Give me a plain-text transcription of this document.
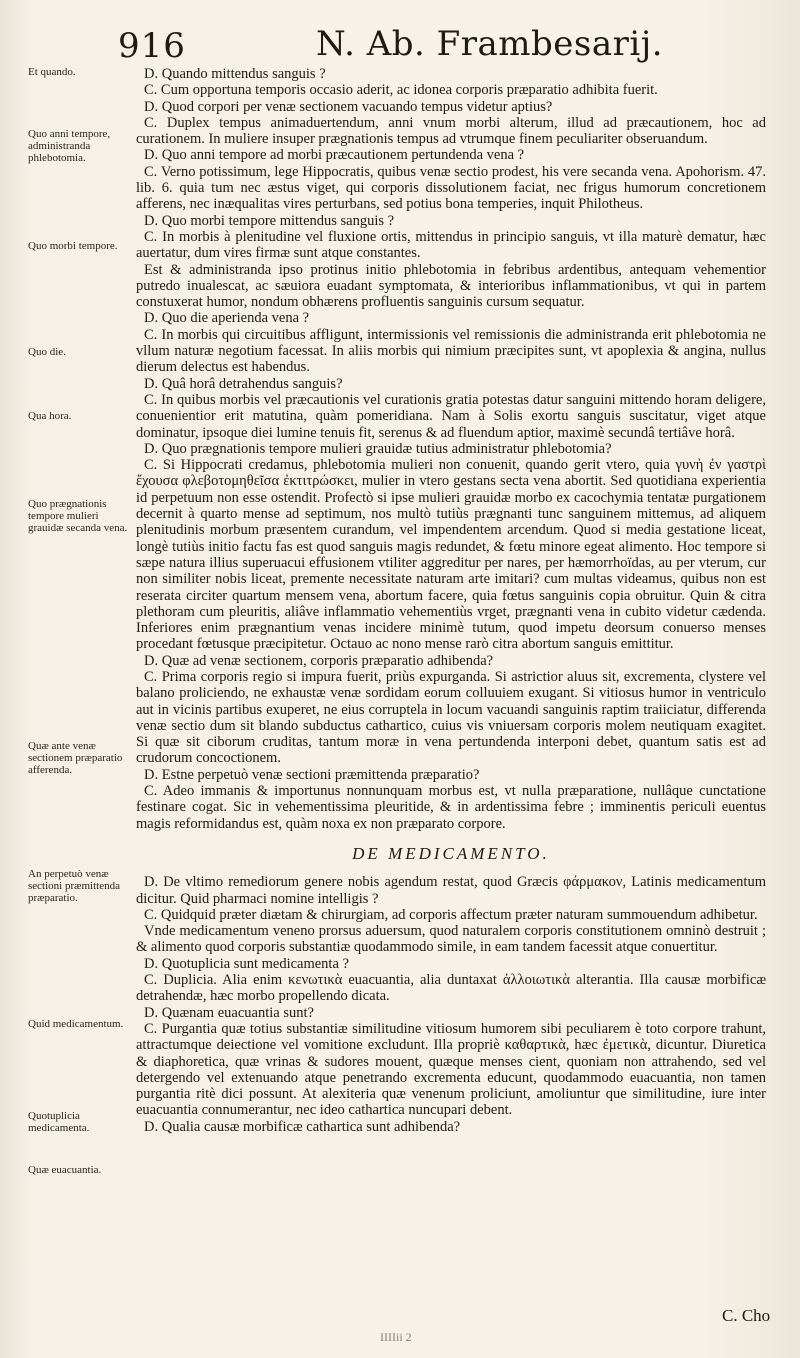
916	N. Ab. Frambesarij.
Et quando.
Quo anni tempore, administranda phlebotomia.
Quo morbi tempore.
Quo die.
Qua hora.
Quo prægnationis tempore mulieri grauidæ secanda vena.
Quæ ante venæ sectionem præparatio afferenda.
An perpetuò venæ sectioni præmittenda præparatio.
Quid medicamentum.
Quotuplicia medicamenta.
Quæ euacuantia.

D. Quando mittendus sanguis ?

C. Cum opportuna temporis occasio aderit, ac idonea corporis præparatio adhibita fuerit.

D. Quod corpori per venæ sectionem vacuando tempus videtur aptius?

C. Duplex tempus animaduertendum, anni vnum morbi alterum, illud ad præcautionem, hoc ad curationem. In muliere insuper prægnationis tempus ad vtrumque finem peculiariter obseruandum.

D. Quo anni tempore ad morbi præcautionem pertundenda vena ?

C. Verno potissimum, lege Hippocratis, quibus venæ sectio prodest, his vere secanda vena. Apohorism. 47. lib. 6. quia tum nec æstus viget, qui corporis dissolutionem faciat, nec frigus humorum concretionem afferens, nec inæqualitas vires perturbans, sed potius bona temperies, inquit Philotheus.

D. Quo morbi tempore mittendus sanguis ?

C. In morbis à plenitudine vel fluxione ortis, mittendus in principio sanguis, vt illa maturè dematur, hæc auertatur, dum vires firmæ sunt atque constantes.

Est & administranda ipso protinus initio phlebotomia in febribus ardentibus, antequam vehementior putredo inualescat, ac sæuiora euadant symptomata, & interioribus inflammationibus, vt qui in partem constuxerat humor, nondum obhærens profluentis sanguinis cursum sequatur.

D. Quo die aperienda vena ?

C. In morbis qui circuitibus affligunt, intermissionis vel remissionis die administranda erit phlebotomia ne vllum naturæ negotium facessat. In aliis morbis qui nimium præcipites sunt, vt apoplexia & angina, nullus dierum delectus est habendus.

D. Quâ horâ detrahendus sanguis?

C. In quibus morbis vel præcautionis vel curationis gratia potestas datur sanguini mittendo horam deligere, conuenientior erit matutina, quàm pomeridiana. Nam à Solis exortu sanguis suscitatur, viget atque dominatur, ipsoque diei lumine tenuis fit, serenus & ad fluendum aptior, maximè secundâ tertiâve horâ.

D. Quo prægnationis tempore mulieri grauidæ tutius administratur phlebotomia?

C. Si Hippocrati credamus, phlebotomia mulieri non conuenit, quando gerit vtero, quia γυνὴ ἐν γαστρὶ ἔχουσα φλεβοτομηθεῖσα ἐκτιτρώσκει, mulier in vtero gestans secta vena abortit. Sed quotidiana experientia id perpetuum non esse ostendit. Profectò si ipse mulieri grauidæ morbo ex cacochymia tentatæ purgationem decernit à quarto mense ad septimum, nos multò tutiùs prægnanti tunc sanguinem mittemus, ad aliquem plenitudinis morbum præsentem curandum, vel impendentem arcendum. Quod si media gestatione liceat, longè tutiùs initio factu fas est quod sanguis magis redundet, & fœtu minore egeat alimento. Hoc tempore si sæpe natura illius superuacui effusionem vtiliter aggreditur per nares, per hæmorrhoïdas, au per vterum, cur non similiter nobis liceat, premente necessitate naturam arte imitari? cum multas videamus, quibus non est reserata circiter quartum mensem vena, abortum facere, quia fœtus sanguinis copia obruitur. Quin & citra plethoram cum pleuritis, aliâve inflammatio vehementiùs vrget, prægnanti vena in cubito videtur cædenda. Inferiores enim prægnantium venas incidere minimè tutum, quod impetu deorsum conuerso menses procedant fœtusque præcipitetur. Octauo ac nono mense rarò citra abortum sanguis emittitur.

D. Quæ ad venæ sectionem, corporis præparatio adhibenda?

C. Prima corporis regio si impura fuerit, priùs expurganda. Si astrictior aluus sit, excrementa, clystere vel balano proliciendo, ne exhaustæ venæ sordidam eorum colluuiem exugant. Si vitiosus humor in ventriculo aut in vicinis partibus exuperet, ne eius corruptela in locum vacuandi sanguinis raptim traiiciatur, differenda venæ sectio dum sit blando subductus cathartico, cuius vis vniuersam corporis molem neutiquam exagitet. Si quæ sit ciborum cruditas, tantum moræ in vena pertundenda interponi debet, quantum satis est ad crudorum concoctionem.

D. Estne perpetuò venæ sectioni præmittenda præparatio?

C. Adeo immanis & importunus nonnunquam morbus est, vt nulla præparatione, nullâque cunctatione festinare cogat. Sic in vehementissima pleuritide, & in ardentissima febre ; imminentis periculi euentus magis reformidandus est, quàm noxa ex non præparato corpore.

DE MEDICAMENTO.

D. De vltimo remediorum genere nobis agendum restat, quod Græcis φάρμακον, Latinis medicamentum dicitur. Quid pharmaci nomine intelligis ?

C. Quidquid præter diætam & chirurgiam, ad corporis affectum præter naturam summouendum adhibetur.

Vnde medicamentum veneno prorsus aduersum, quod naturalem corporis constitutionem omninò destruit ; & alimento quod corporis substantiæ quodammodo simile, in eam tandem facessit atque conuertitur.

D. Quotuplicia sunt medicamenta ?

C. Duplicia. Alia enim κενωτικὰ euacuantia, alia duntaxat ἀλλοιωτικὰ alterantia. Illa causæ morbificæ detrahendæ, hæc morbo propellendo dicata.

D. Quænam euacuantia sunt?

C. Purgantia quæ totius substantiæ similitudine vitiosum humorem sibi peculiarem è toto corpore trahunt, attractumque deiectione vel vomitione excludunt. Illa propriè καθαρτικὰ, hæc ἐμετικὰ, dicuntur. Diuretica & diaphoretica, quæ vrinas & sudores mouent, quæque menses cient, quoniam non attrahendo, sed vel detergendo vel extenuando atque penetrando excrementa educunt, quodammodo euacuantia, non tamen purgantia ritè dici possunt. At alexiteria quæ venenum proliciunt, amoliuntur que similitudine, iure inter euacuantia connumerantur, nec ideo cathartica nuncupari debent.

D. Qualia causæ morbificæ cathartica sunt adhibenda?

C. Cho
IIIIii 2
